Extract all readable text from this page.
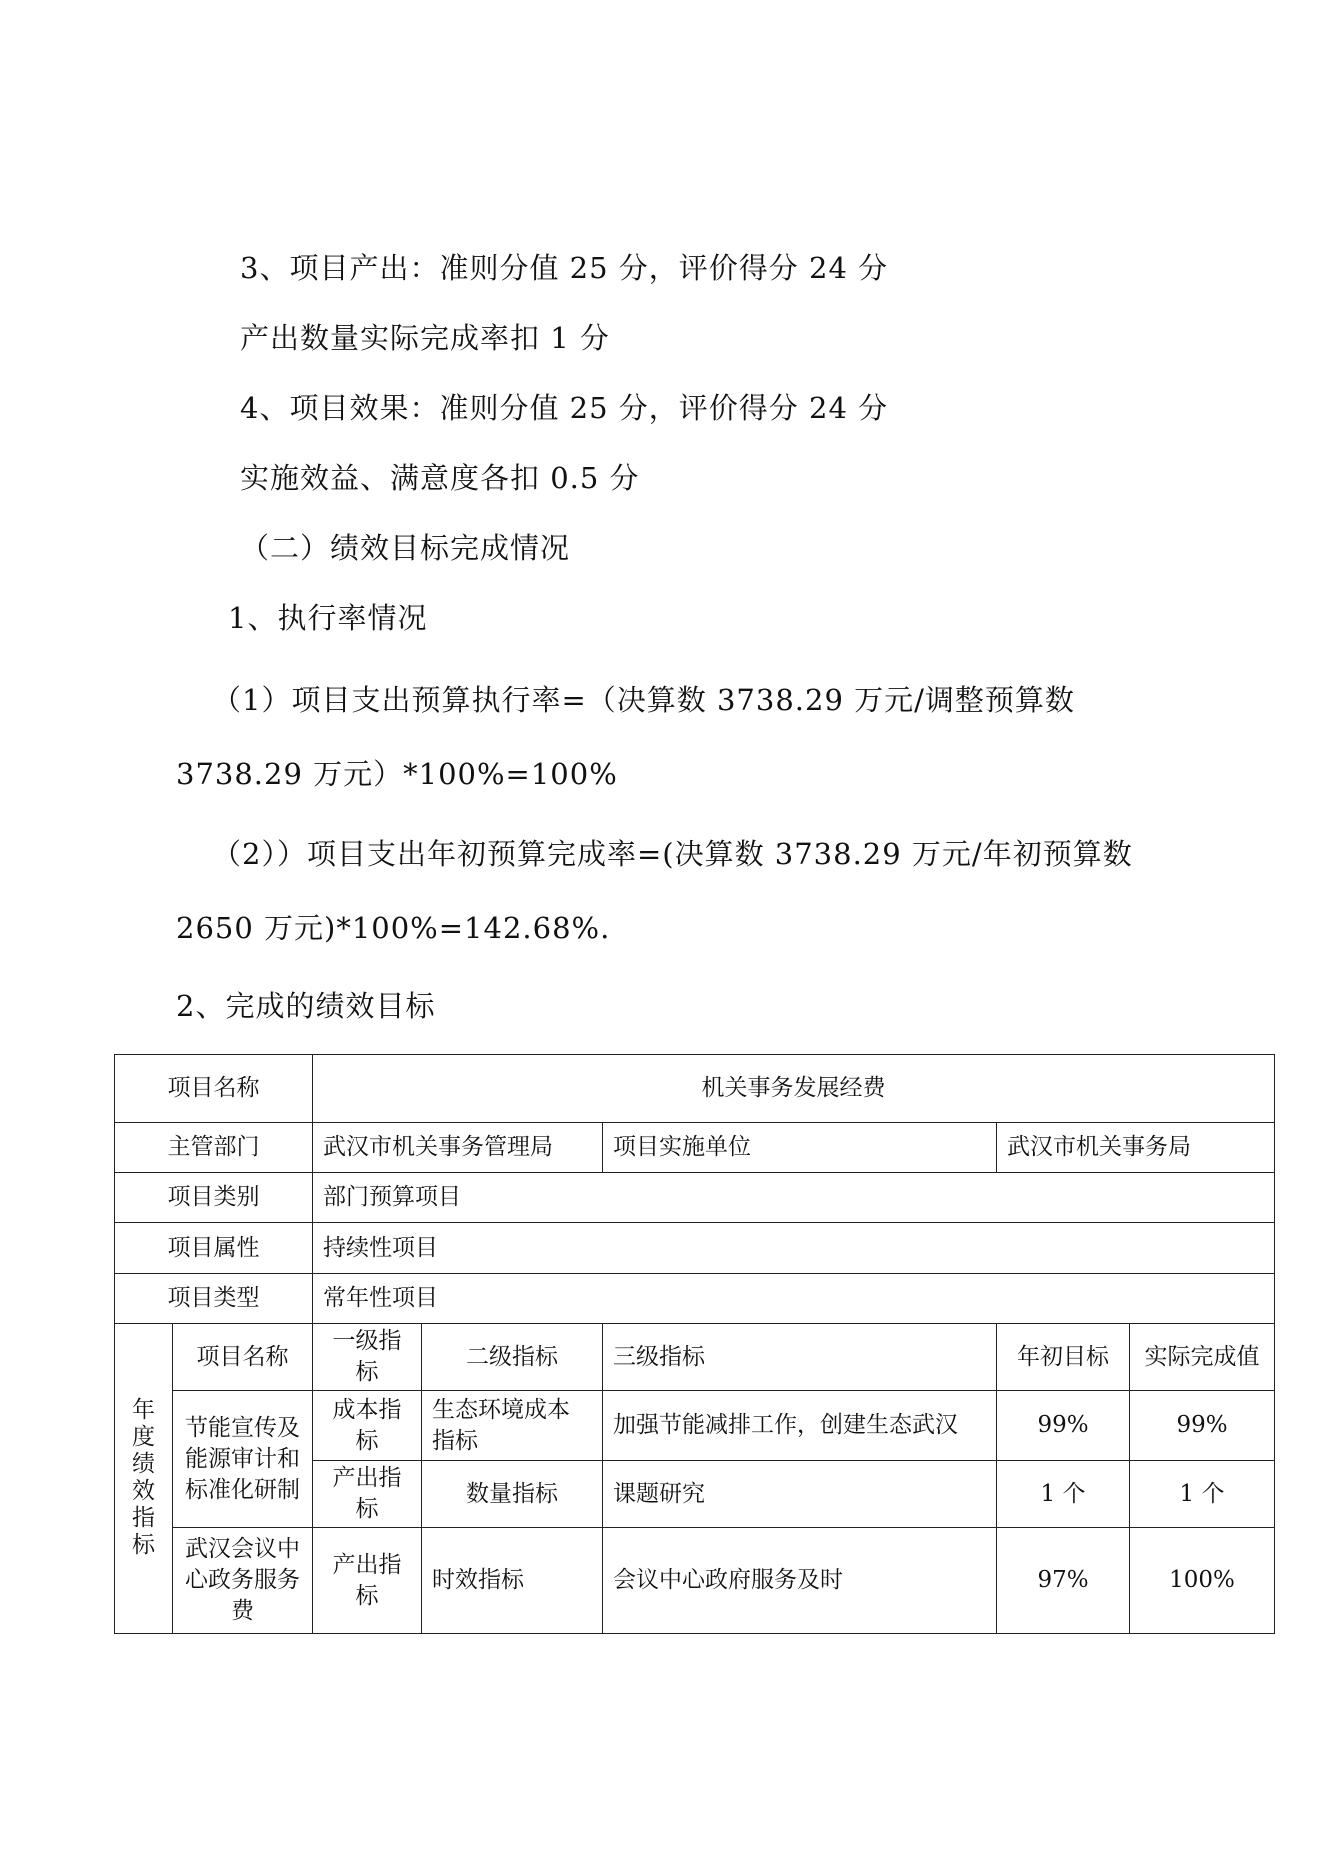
3、项目产出：准则分值 25 分，评价得分 24 分
产出数量实际完成率扣 1 分
4、项目效果：准则分值 25 分，评价得分 24 分
实施效益、满意度各扣 0.5 分
（二）绩效目标完成情况
1、执行率情况
（1）项目支出预算执行率=（决算数 3738.29 万元/调整预算数
3738.29 万元）*100%=100%
（2））项目支出年初预算完成率=(决算数 3738.29 万元/年初预算数
2650 万元)*100%=142.68%.
2、完成的绩效目标
项目名称		机关事务发展经费				
主管部门		武汉市机关事务管理局		项目实施单位	武汉市机关事务局	
项目类别		部门预算项目				
项目属性		持续性项目				
项目类型		常年性项目				
年度绩效指标	项目名称	一级指标	二级指标	三级指标	年初目标	实际完成值
	节能宣传及能源审计和标准化研制	成本指标	生态环境成本指标	加强节能减排工作，创建生态武汉	99%	99%
		产出指标	数量指标	课题研究	1 个	1 个
	武汉会议中心政务服务费	产出指标	时效指标	会议中心政府服务及时	97%	100%
